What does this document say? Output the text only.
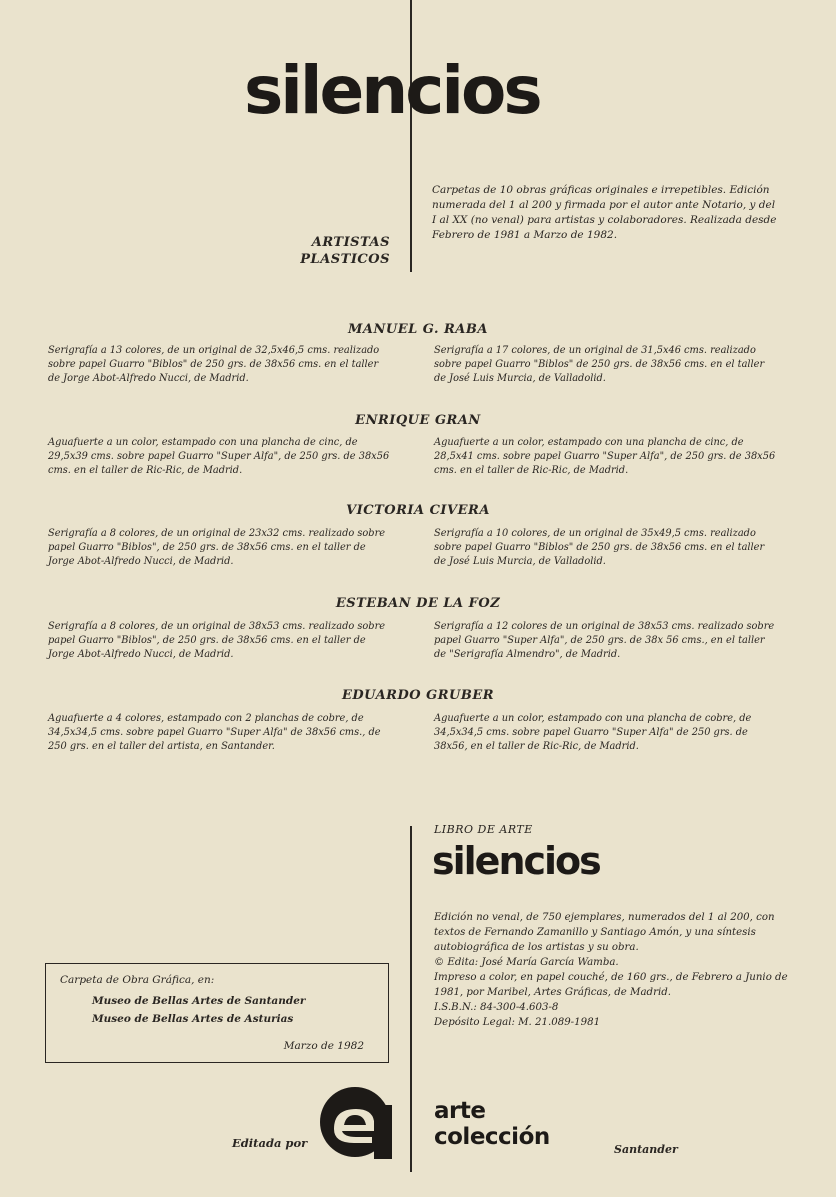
silencios
ARTISTAS
PLASTICOS
Carpetas de 10 obras gráficas originales e irrepetibles. Edición numerada del 1 al 200 y firmada por el autor ante Notario, y del I al XX (no venal) para artistas y colaboradores. Realizada desde Febrero de 1981 a Marzo de 1982.
MANUEL G. RABA
Serigrafía a 13 colores, de un original de 32,5x46,5 cms. realizado sobre papel Guarro "Biblos" de 250 grs. de 38x56 cms. en el taller de Jorge Abot-Alfredo Nucci, de Madrid.
Serigrafía a 17 colores, de un original de 31,5x46 cms. realizado sobre papel Guarro "Biblos" de 250 grs. de 38x56 cms. en el taller de José Luis Murcia, de Valladolid.
ENRIQUE GRAN
Aguafuerte a un color, estampado con una plancha de cinc, de 29,5x39 cms. sobre papel Guarro "Super Alfa", de 250 grs. de 38x56 cms. en el taller de Ric-Ric, de Madrid.
Aguafuerte a un color, estampado con una plancha de cinc, de 28,5x41 cms. sobre papel Guarro "Super Alfa", de 250 grs. de 38x56 cms. en el taller de Ric-Ric, de Madrid.
VICTORIA CIVERA
Serigrafía a 8 colores, de un original de 23x32 cms. realizado sobre papel Guarro "Biblos", de 250 grs. de 38x56 cms. en el taller de Jorge Abot-Alfredo Nucci, de Madrid.
Serigrafía a 10 colores, de un original de 35x49,5 cms. realizado sobre papel Guarro "Biblos" de 250 grs. de 38x56 cms. en el taller de José Luis Murcia, de Valladolid.
ESTEBAN DE LA FOZ
Serigrafía a 8 colores, de un original de 38x53 cms. realizado sobre papel Guarro "Biblos", de 250 grs. de 38x56 cms. en el taller de Jorge Abot-Alfredo Nucci, de Madrid.
Serigrafía a 12 colores de un original de 38x53 cms. realizado sobre papel Guarro "Super Alfa", de 250 grs. de 38x 56 cms., en el taller de "Serigrafía Almendro", de Madrid.
EDUARDO GRUBER
Aguafuerte a 4 colores, estampado con 2 planchas de cobre, de 34,5x34,5 cms. sobre papel Guarro "Super Alfa" de 38x56 cms., de 250 grs. en el taller del artista, en Santander.
Aguafuerte a un color, estampado con una plancha de cobre, de 34,5x34,5 cms. sobre papel Guarro "Super Alfa" de 250 grs. de 38x56, en el taller de Ric-Ric, de Madrid.
LIBRO DE ARTE
silencios

Edición no venal, de 750 ejemplares, numerados del 1 al 200, con textos de Fernando Zamanillo y Santiago Amón, y una síntesis autobiográfica de los artistas y su obra.

© Edita: José María García Wamba.

Impreso a color, en papel couché, de 160 grs., de Febrero a Junio de 1981, por Maribel, Artes Gráficas, de Madrid.

I.S.B.N.: 84-300-4.603-8

Depósito Legal: M. 21.089-1981

Carpeta de Obra Gráfica, en:
Museo de Bellas Artes de Santander
Museo de Bellas Artes de Asturias
Marzo de 1982
Editada por
arte
colección	Santander
